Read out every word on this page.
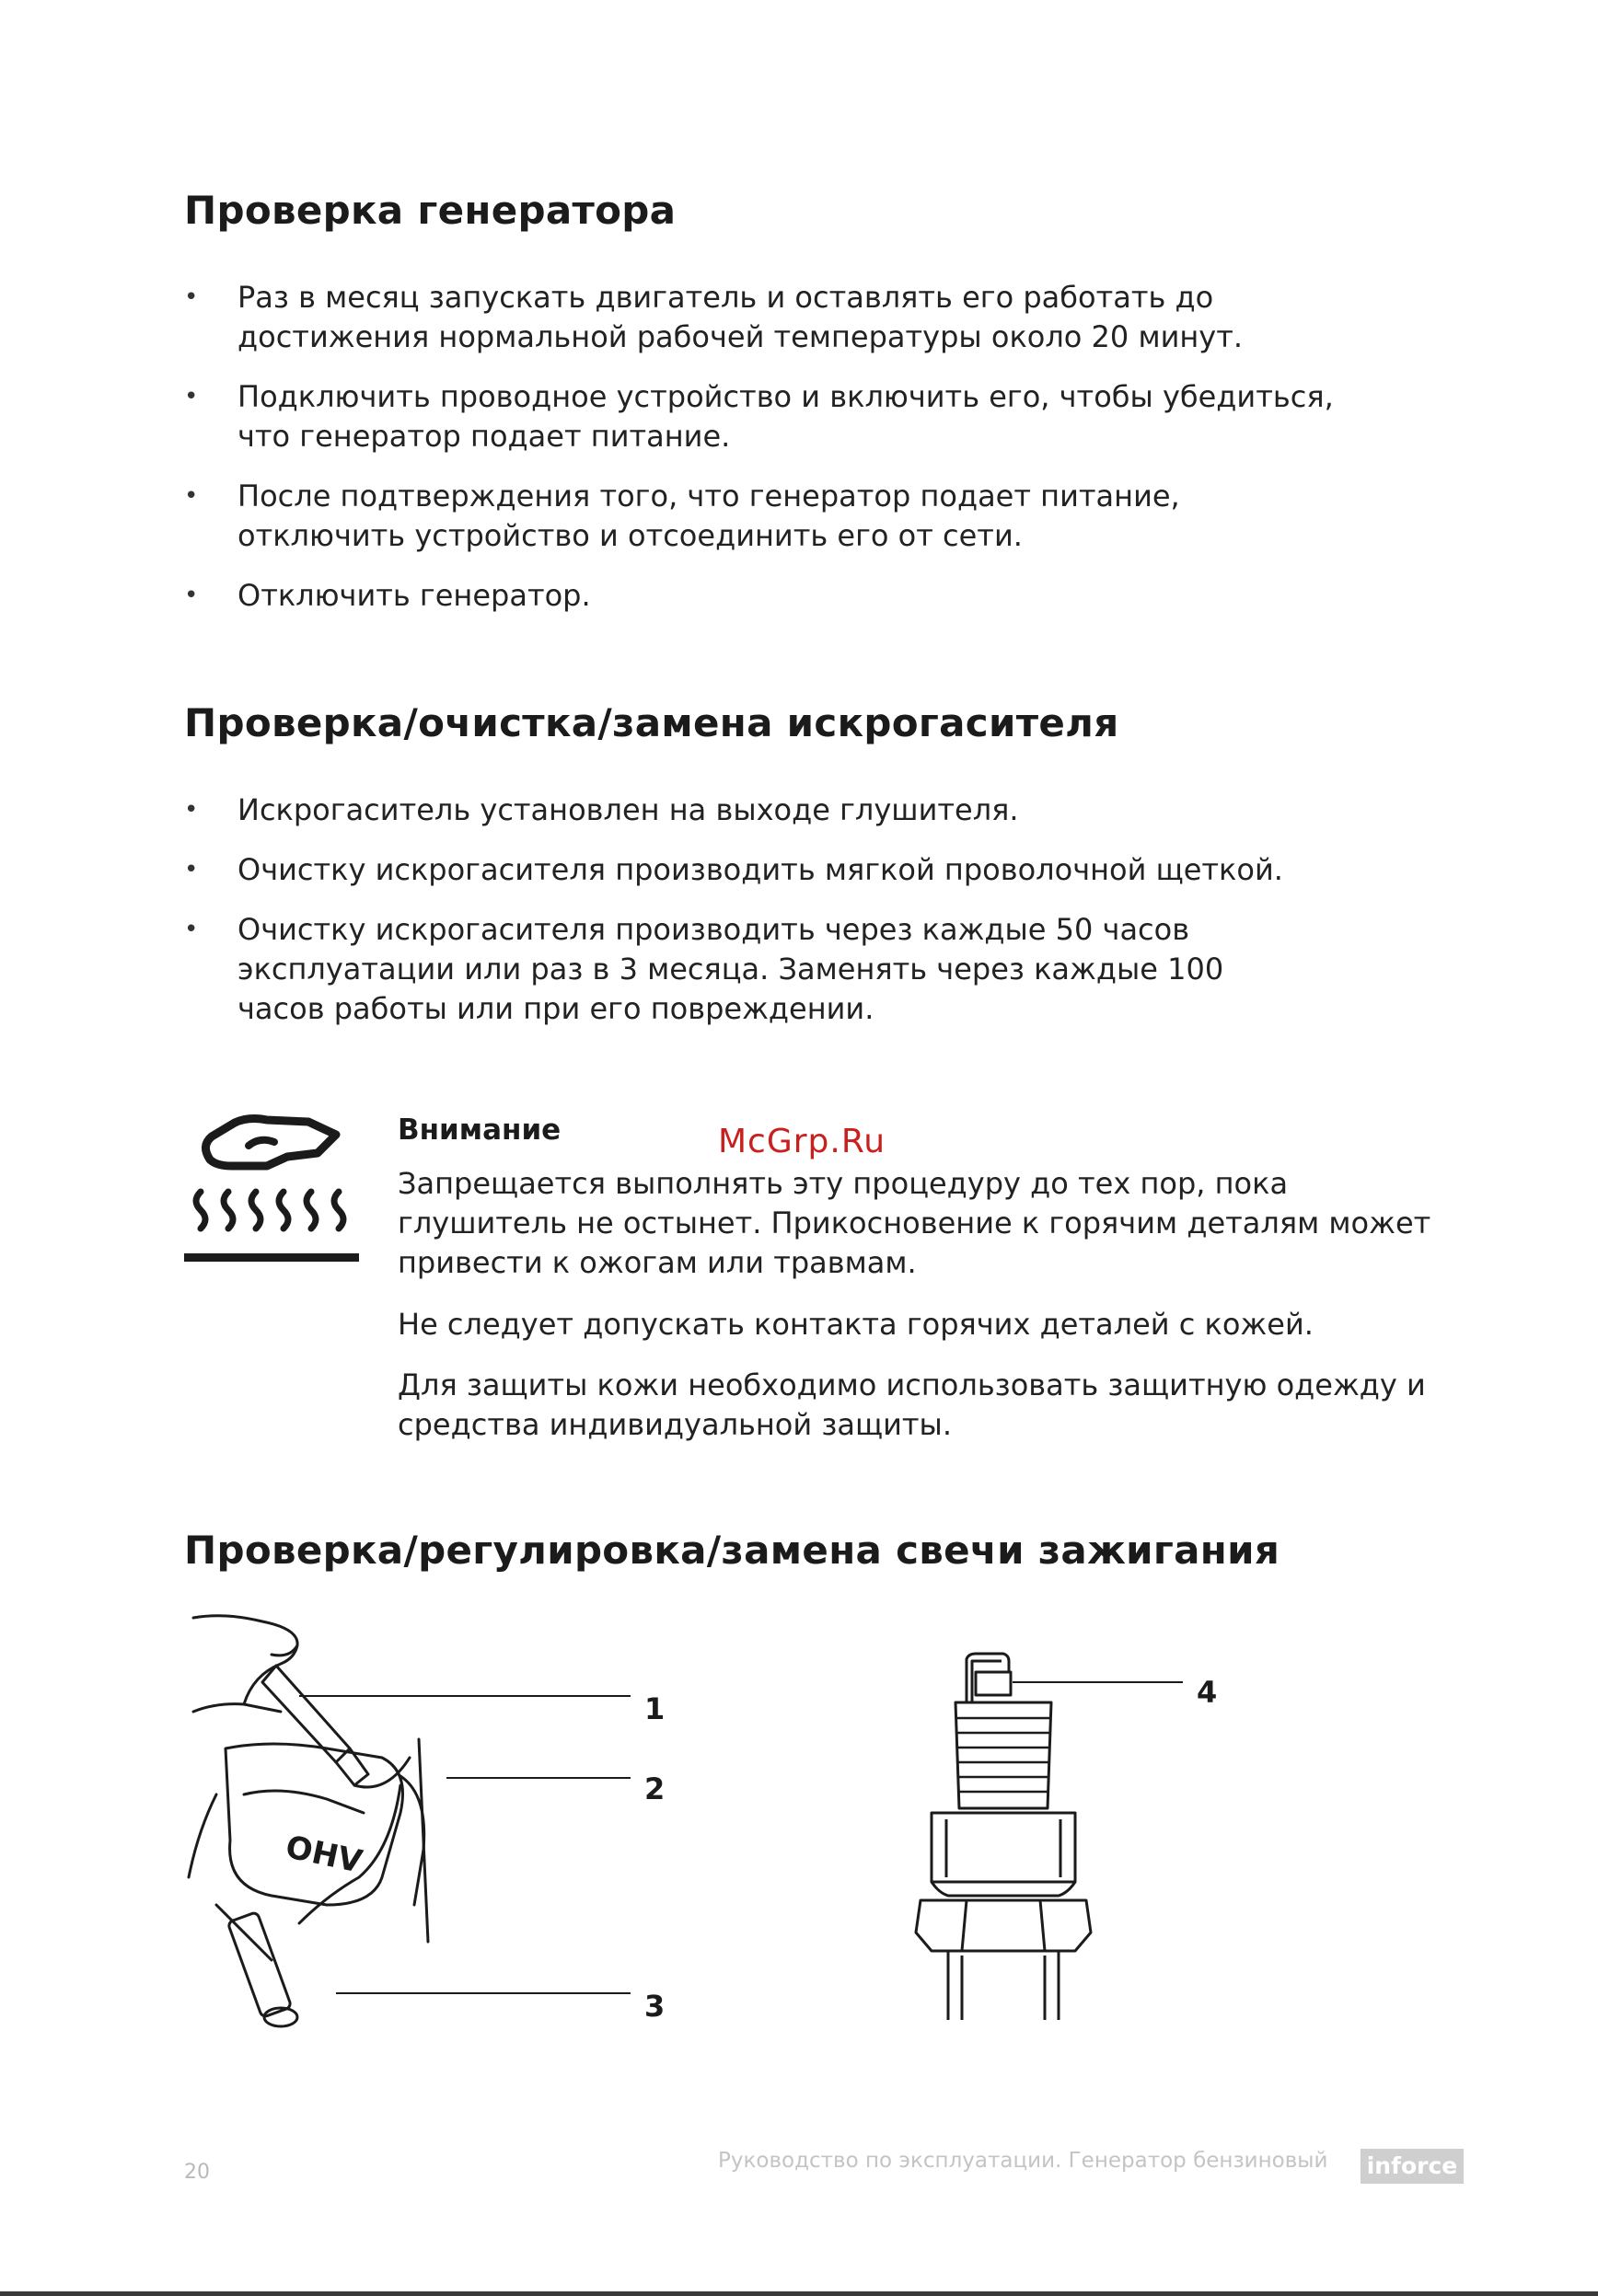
Проверка генератора
• Раз в месяц запускать двигатель и оставлять его работать до достижения нормальной рабочей температуры около 20 минут.
• Подключить проводное устройство и включить его, чтобы убедиться, что генератор подает питание.
• После подтверждения того, что генератор подает питание, отключить устройство и отсоединить его от сети.
• Отключить генератор.
Проверка/очистка/замена искрогасителя
• Искрогаситель установлен на выходе глушителя.
• Очистку искрогасителя производить мягкой проволочной щеткой.
• Очистку искрогасителя производить через каждые 50 часов эксплуатации или раз в 3 месяца. Заменять через каждые 100 часов работы или при его повреждении.
Внимание	McGrp.Ru

Запрещается выполнять эту процедуру до тех пор, пока глушитель не остынет. Прикосновение к горячим деталям может привести к ожогам или травмам.

Не следует допускать контакта горячих деталей с кожей.

Для защиты кожи необходимо использовать защитную одежду и средства индивидуальной защиты.

Проверка/регулировка/замена свечи зажигания
OHV
1
2
3
4
20	Руководство по эксплуатации. Генератор бензиновый inforce
